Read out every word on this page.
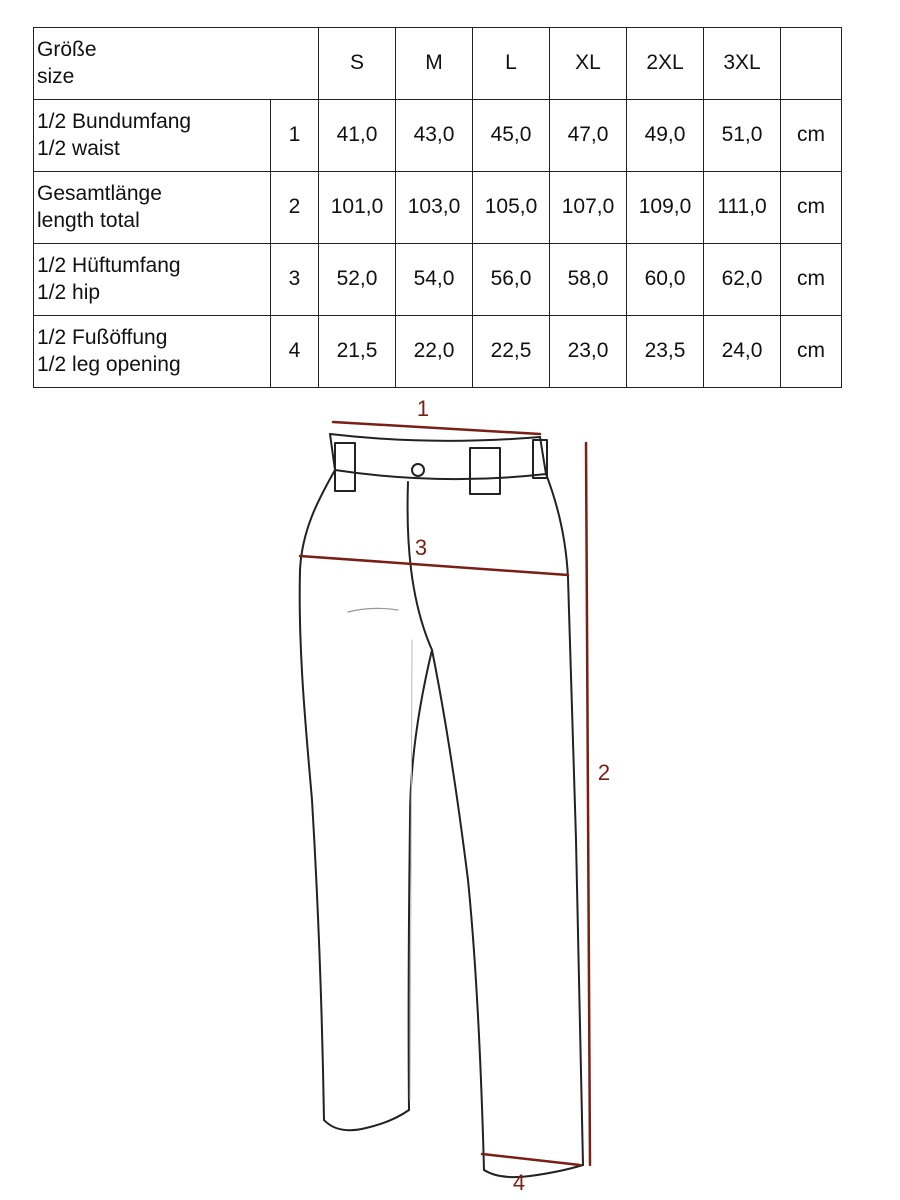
Größe
size		S	M	L	XL	2XL	3XL	

1/2 Bundumfang
1/2 waist	1	41,0	43,0	45,0	47,0	49,0	51,0	cm

Gesamtlänge
length total	2	101,0	103,0	105,0	107,0	109,0	111,0	cm

1/2 Hüftumfang
1/2 hip	3	52,0	54,0	56,0	58,0	60,0	62,0	cm

1/2 Fußöffung
1/2 leg opening	4	21,5	22,0	22,5	23,0	23,5	24,0	cm
1
3
2
4
